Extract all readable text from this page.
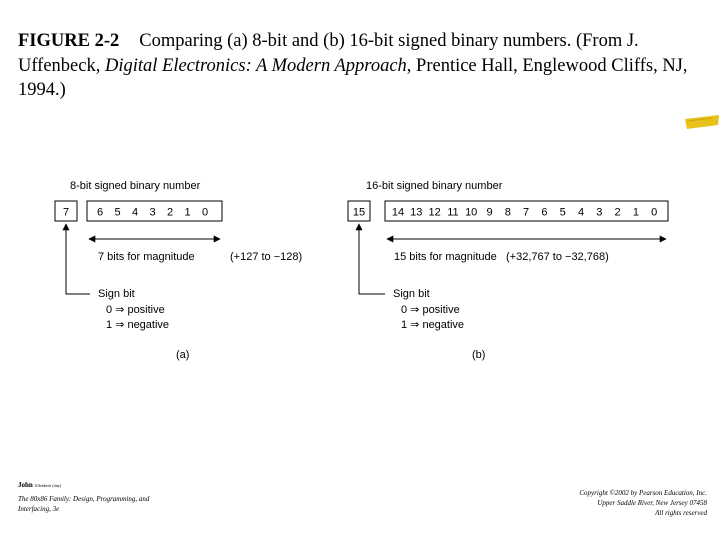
FIGURE 2-2 Comparing (a) 8-bit and (b) 16-bit signed binary numbers. (From J. Uffenbeck, Digital Electronics: A Modern Approach, Prentice Hall, Englewood Cliffs, NJ, 1994.)
8-bit signed binary number
7	6 5 4 3 2 1 0
7 bits for magnitude	(+127 to −128)
Sign bit
0 ⇒ positive
1 ⇒ negative
(a)
16-bit signed binary number
15 14 13 12 11 10 9 8 7 6 5 4 3 2 1 0
15 bits for magnitude (+32,767 to −32,768)
Sign bit
0 ⇒ positive
1 ⇒ negative
(b)
John Uffenbeck (tiny)
The 80x86 Family: Design, Programming, and
Interfacing, 3e
Copyright ©2002 by Pearson Education, Inc.
Upper Saddle River, New Jersey 07458
All rights reserved
